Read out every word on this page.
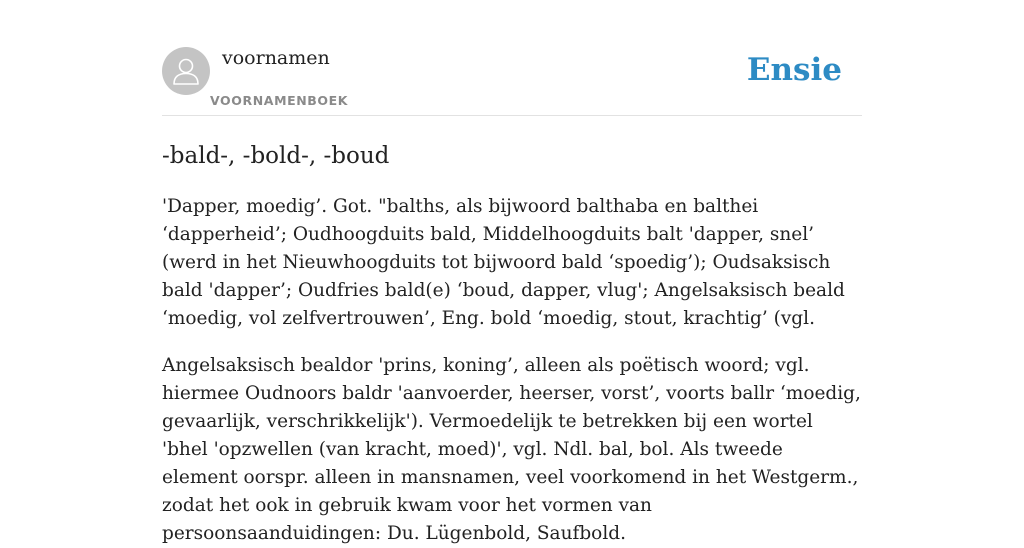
voornamen
VOORNAMENBOEK
Ensie
-bald-, -bold-, -boud

'Dapper, moedig’. Got. "balths, als bijwoord balthaba en balthei ‘dapperheid’; Oudhoogduits bald, Middelhoogduits balt 'dapper, snel’ (werd in het Nieuwhoogduits tot bijwoord bald ‘spoedig’); Oudsaksisch bald 'dapper’; Oudfries bald(e) ‘boud, dapper, vlug'; Angelsaksisch beald ‘moedig, vol zelfvertrouwen’, Eng. bold ‘moedig, stout, krachtig’ (vgl.

Angelsaksisch bealdor 'prins, koning’, alleen als poëtisch woord; vgl. hiermee Oudnoors baldr 'aanvoerder, heerser, vorst’, voorts ballr ‘moedig, gevaarlijk, verschrikkelijk'). Vermoedelijk te betrekken bij een wortel 'bhel 'opzwellen (van kracht, moed)', vgl. Ndl. bal, bol. Als tweede element oorspr. alleen in mansnamen, veel voorkomend in het Westgerm., zodat het ook in gebruik kwam voor het vormen van persoonsaanduidingen: Du. Lügenbold, Saufbold.
